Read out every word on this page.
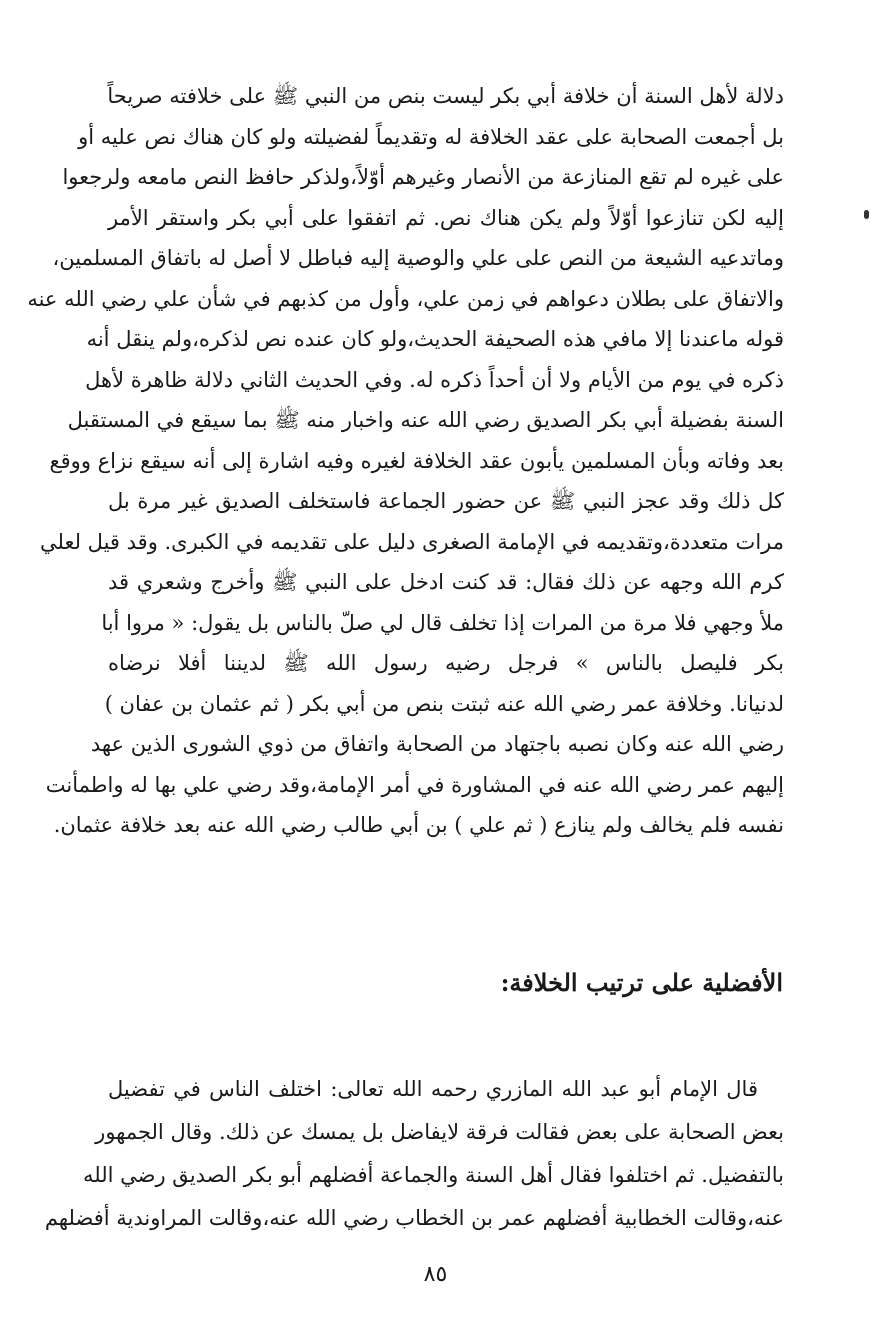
دلالة لأهل السنة أن خلافة أبي بكر ليست بنص من النبي ﷺ على خلافته صريحاً
بل أجمعت الصحابة على عقد الخلافة له وتقديماً لفضيلته ولو كان هناك نص عليه أو
على غيره لم تقع المنازعة من الأنصار وغيرهم أوّلاً،ولذكر حافظ النص مامعه ولرجعوا
إليه لكن تنازعوا أوّلاً ولم يكن هناك نص. ثم اتفقوا على أبي بكر واستقر الأمر
وماتدعيه الشيعة من النص على علي والوصية إليه فباطل لا أصل له باتفاق المسلمين،
والاتفاق على بطلان دعواهم في زمن علي، وأول من كذبهم في شأن علي رضي الله عنه
قوله ماعندنا إلا مافي هذه الصحيفة الحديث،ولو كان عنده نص لذكره،ولم ينقل أنه
ذكره في يوم من الأيام ولا أن أحداً ذكره له. وفي الحديث الثاني دلالة ظاهرة لأهل
السنة بفضيلة أبي بكر الصديق رضي الله عنه واخبار منه ﷺ بما سيقع في المستقبل
بعد وفاته وبأن المسلمين يأبون عقد الخلافة لغيره وفيه اشارة إلى أنه سيقع نزاع ووقع
كل ذلك وقد عجز النبي ﷺ عن حضور الجماعة فاستخلف الصديق غير مرة بل
مرات متعددة،وتقديمه في الإمامة الصغرى دليل على تقديمه في الكبرى. وقد قيل لعلي
كرم الله وجهه عن ذلك فقال: قد كنت ادخل على النبي ﷺ وأخرج وشعري قد
ملأ وجهي فلا مرة من المرات إذا تخلف قال لي صلّ بالناس بل يقول: « مروا أبا
بكر فليصل بالناس » فرجل رضيه رسول الله ﷺ لديننا أفلا نرضاه
لدنيانا. وخلافة عمر رضي الله عنه ثبتت بنص من أبي بكر ( ثم عثمان بن عفان )
رضي الله عنه وكان نصبه باجتهاد من الصحابة واتفاق من ذوي الشورى الذين عهد
إليهم عمر رضي الله عنه في المشاورة في أمر الإمامة،وقد رضي علي بها له واطمأنت
نفسه فلم يخالف ولم ينازع ( ثم علي ) بن أبي طالب رضي الله عنه بعد خلافة عثمان.
الأفضلية على ترتيب الخلافة:
قال الإمام أبو عبد الله المازري رحمه الله تعالى: اختلف الناس في تفضيل
بعض الصحابة على بعض فقالت فرقة لايفاضل بل يمسك عن ذلك. وقال الجمهور
بالتفضيل. ثم اختلفوا فقال أهل السنة والجماعة أفضلهم أبو بكر الصديق رضي الله
عنه،وقالت الخطابية أفضلهم عمر بن الخطاب رضي الله عنه،وقالت المراوندية أفضلهم
٨٥
